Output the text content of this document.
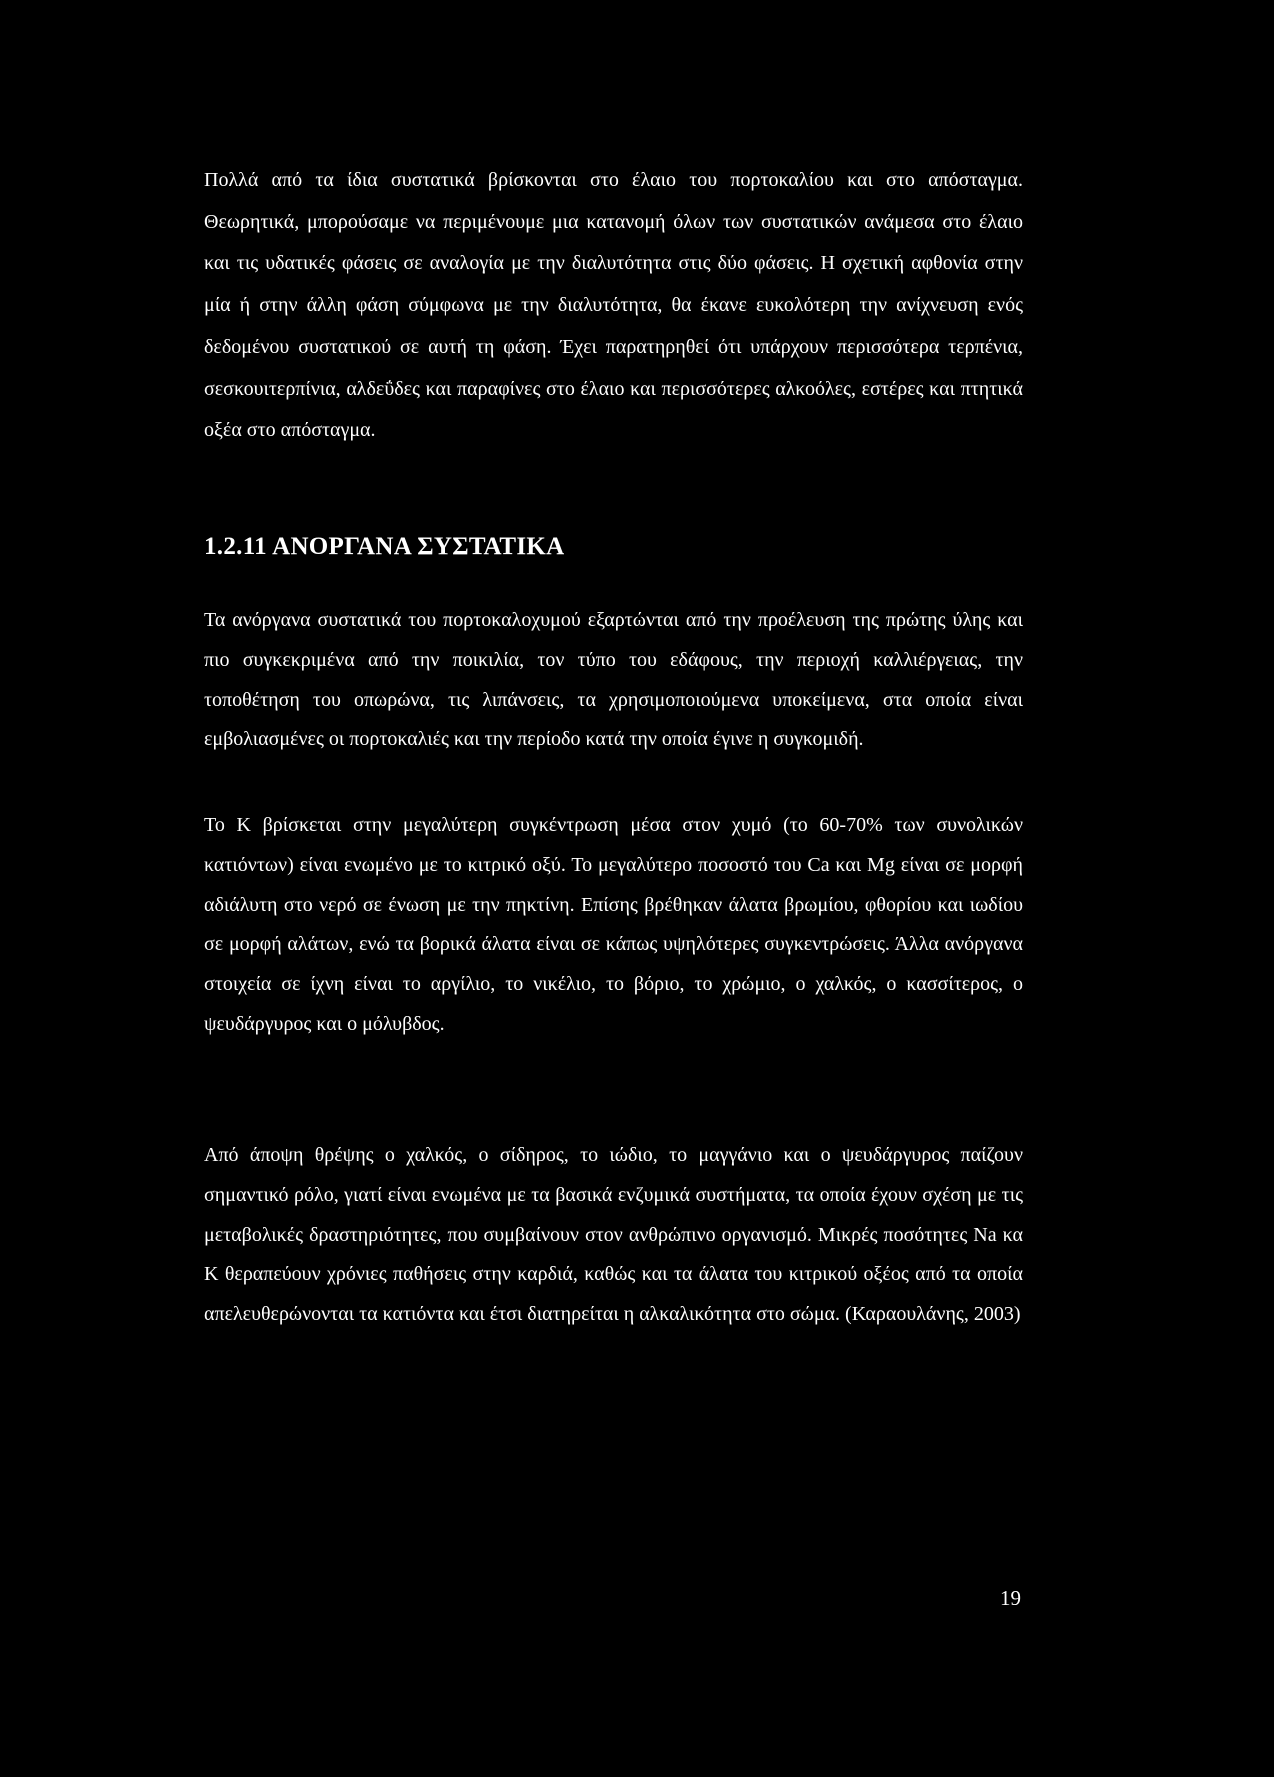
Πολλά από τα ίδια συστατικά βρίσκονται στο έλαιο του πορτοκαλίου και στο απόσταγμα. Θεωρητικά, μπορούσαμε να περιμένουμε μια κατανομή όλων των συστατικών ανάμεσα στο έλαιο και τις υδατικές φάσεις σε αναλογία με την διαλυτότητα στις δύο φάσεις. Η σχετική αφθονία στην μία ή στην άλλη φάση σύμφωνα με την διαλυτότητα, θα έκανε ευκολότερη την ανίχνευση ενός δεδομένου συστατικού σε αυτή τη φάση. Έχει παρατηρηθεί ότι υπάρχουν περισσότερα τερπένια, σεσκουιτερπίνια, αλδεΰδες και παραφίνες στο έλαιο και περισσότερες αλκοόλες, εστέρες και πτητικά οξέα στο απόσταγμα.

1.2.11 ΑΝΟΡΓΑΝΑ ΣΥΣΤΑΤΙΚΑ

Τα ανόργανα συστατικά του πορτοκαλοχυμού εξαρτώνται από την προέλευση της πρώτης ύλης και πιο συγκεκριμένα από την ποικιλία, τον τύπο του εδάφους, την περιοχή καλλιέργειας, την τοποθέτηση του οπωρώνα, τις λιπάνσεις, τα χρησιμοποιούμενα υποκείμενα, στα οποία είναι εμβολιασμένες οι πορτοκαλιές και την περίοδο κατά την οποία έγινε η συγκομιδή.

Το K βρίσκεται στην μεγαλύτερη συγκέντρωση μέσα στον χυμό (το 60-70% των συνολικών κατιόντων) είναι ενωμένο με το κιτρικό οξύ. Το μεγαλύτερο ποσοστό του Ca και Mg είναι σε μορφή αδιάλυτη στο νερό σε ένωση με την πηκτίνη. Επίσης βρέθηκαν άλατα βρωμίου, φθορίου και ιωδίου σε μορφή αλάτων, ενώ τα βορικά άλατα είναι σε κάπως υψηλότερες συγκεντρώσεις. Άλλα ανόργανα στοιχεία σε ίχνη είναι το αργίλιο, το νικέλιο, το βόριο, το χρώμιο, ο χαλκός, ο κασσίτερος, ο ψευδάργυρος και ο μόλυβδος.

Από άποψη θρέψης ο χαλκός, ο σίδηρος, το ιώδιο, το μαγγάνιο και ο ψευδάργυρος παίζουν σημαντικό ρόλο, γιατί είναι ενωμένα με τα βασικά ενζυμικά συστήματα, τα οποία έχουν σχέση με τις μεταβολικές δραστηριότητες, που συμβαίνουν στον ανθρώπινο οργανισμό. Μικρές ποσότητες Na κα K θεραπεύουν χρόνιες παθήσεις στην καρδιά, καθώς και τα άλατα του κιτρικού οξέος από τα οποία απελευθερώνονται τα κατιόντα και έτσι διατηρείται η αλκαλικότητα στο σώμα. (Καραουλάνης, 2003)

19
